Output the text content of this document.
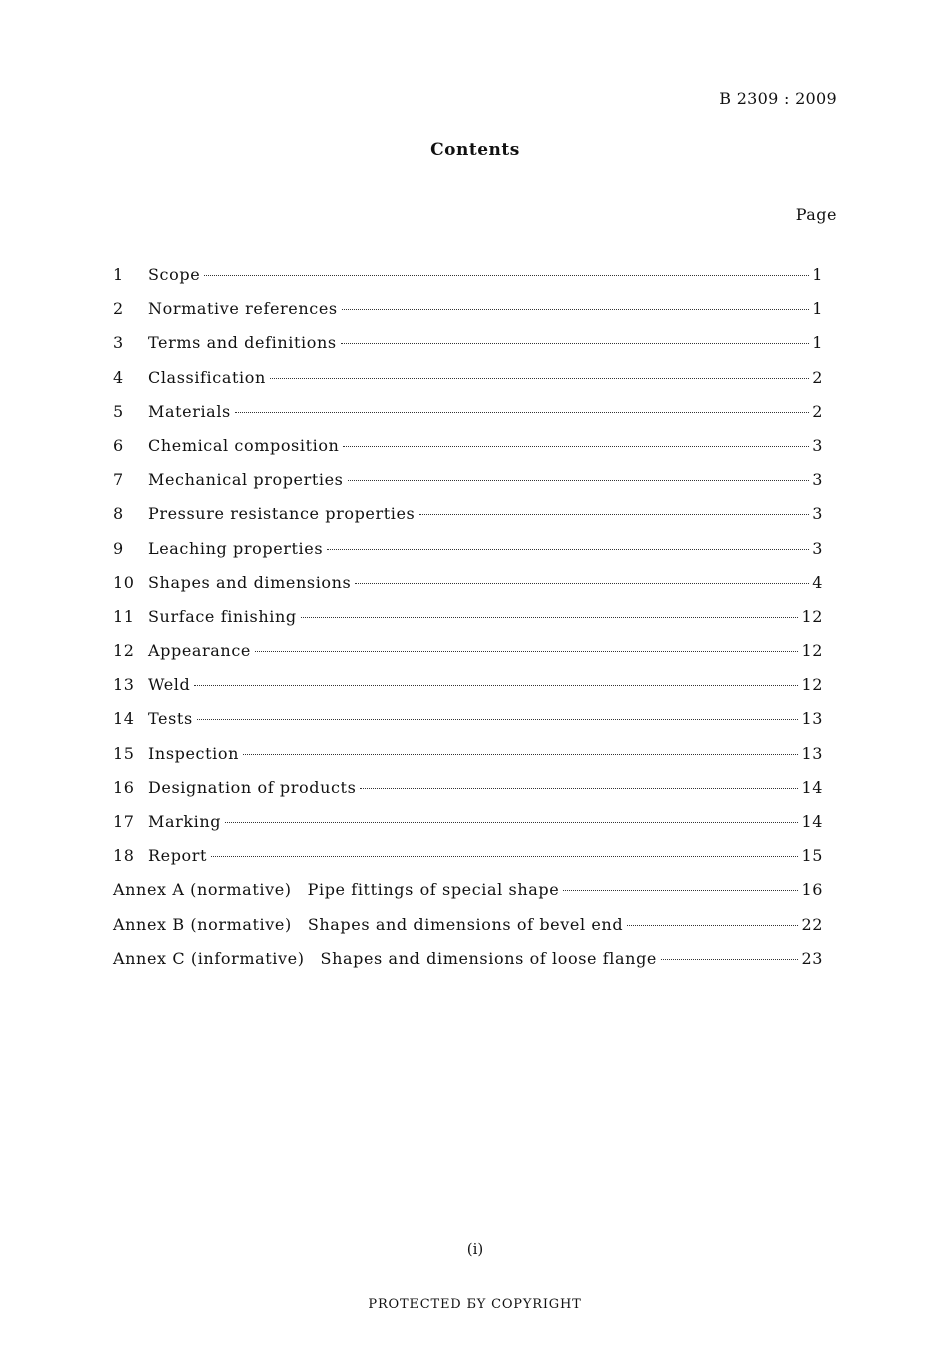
B 2309 : 2009
Contents
Page
1	Scope	1
2	Normative references	1
3	Terms and definitions	1
4	Classification	2
5	Materials	2
6	Chemical composition	3
7	Mechanical properties	3
8	Pressure resistance properties	3
9	Leaching properties	3
10 Shapes and dimensions	4
11 Surface finishing	12
12 Appearance	12
13 Weld	12
14 Tests	13
15 Inspection	13
16 Designation of products	14
17 Marking	14
18 Report	15
Annex A (normative) Pipe fittings of special shape	16
Annex B (normative) Shapes and dimensions of bevel end	22
Annex C (informative) Shapes and dimensions of loose flange	23
(i)
PROTECTED БY COPYRIGHT
